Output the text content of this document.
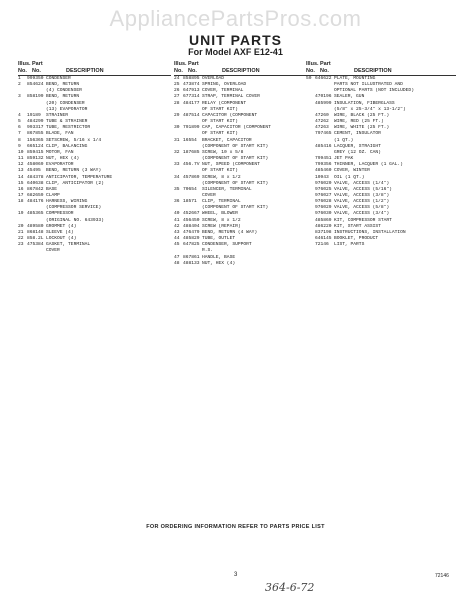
AppliancePartsPros.com
UNIT PARTS
For Model AXF E12-41
Illus. Part
No. No.	DESCRIPTION
1	999350 CONDENSER
2	854624 BEND, RETURN
(4) CONDENSER
3	858199 BEND, RETURN
(20) CONDENSER
(13) EVAPORATOR
4	19189	STRAINER
5	484299 TUBE & STRAINER
6	993317 TUBE, RESTRICTOR
7	867855 BLADE, FAN
8	156365 SETSCREW, 5/16 x 1/4
9	665124 CLIP, BALANCING
10 859415 MOTOR, FAN
11 859132 NUT, HEX (4)
12 458069 EVAPORATOR
13 45495	BEND, RETURN (3 WAY)
14 484378 ANTICIPATOR, TEMPERATURE
15 640638 CLIP, ANTICIPATOR (2)
16 867842 BASE
17 682659 CLAMP
18 484176 HARNESS, WIRING
(COMPRESSOR SERVICE)
19 485365 COMPRESSOR
(ORIGINAL NO. 643933)
20 489580 GROMMET (4)
21 868148 SLEEVE (4)
22 858.2L LOCKOUT (4)
23 475384 GASKET, TERMINAL
COVER
Illus. Part
No. No.	DESCRIPTION
24 858895 OVERLOAD
25 473874 SPRING, OVERLOAD
26 647913 COVER, TERMINAL
27 677314 STRAP, TERMINAL COVER
28 484177 RELAY (COMPONENT
OF START KIT)
29 487514 CAPACITOR (COMPONENT
OF START KIT)
30 791899 CAP, CAPACITOR (COMPONENT
OF START KIT)
31 16554	BRACKET, CAPACITOR
(COMPONENT OF START KIT)
32 187685 SCREW, 10 x 5/8
(COMPONENT OF START KIT)
33 456.7V NUT, SPEED (COMPONENT
OF START KIT)
34 457869 SCREW, 8 x 1/2
(COMPONENT OF START KIT)
35 70654	SILENCER, TERMINAL
COVER
36 18571	CLIP, TERMINAL
(COMPONENT OF START KIT)
40 452667 WHEEL, BLOWER
41 456450 SCREW, 8 x 1/2
42 488404 SCREW (REPAIR)
43 476479 BEND, RETURN (4 WAY)
44 485829 TUBE, OUTLET
45 647825 CONDENSER, SUPPORT
R.S.
47 867861 HANDLE, BASE
48 488133 NUT, HEX (4)
Illus. Part
No. No.	DESCRIPTION
50 646622 PLATE, MOUNTING
PARTS NOT ILLUSTRATED AND
OPTIONAL PARTS (NOT INCLUDED)
470196 SEALER, GUN
485999 INSULATION, FIBERGLASS
(5/8" x 25-3/4" x 13-1/2")
47260	WIRE, BLACK (25 FT.)
47262	WIRE, RED (25 FT.)
47263	WIRE, WHITE (25 FT.)
797465 CEMENT, INSULATOR
(1 QT.)
485416 LACQUER, STRAIGHT
GREY (12 OZ. CAN)
799451 JET PAK
799356 THINNER, LACQUER (1 GAL.)
485460 COVER, WINTER
10943	OIL (1 QT.)
976020 VALVE, ACCESS (1/4")
976025 VALVE, ACCESS (5/16")
976027 VALVE, ACCESS (3/8")
976028 VALVE, ACCESS (1/2")
976029 VALVE, ACCESS (5/8")
976030 VALVE, ACCESS (3/4")
485869 KIT, COMPRESSOR START
486220 KIT, START ASSIST
837198 INSTRUCTIONS, INSTALLATION
646145 BOOKLET, PRODUCT
72146	LIST, PARTS
FOR ORDERING INFORMATION REFER TO PARTS PRICE LIST
3	72146
364-6-72
